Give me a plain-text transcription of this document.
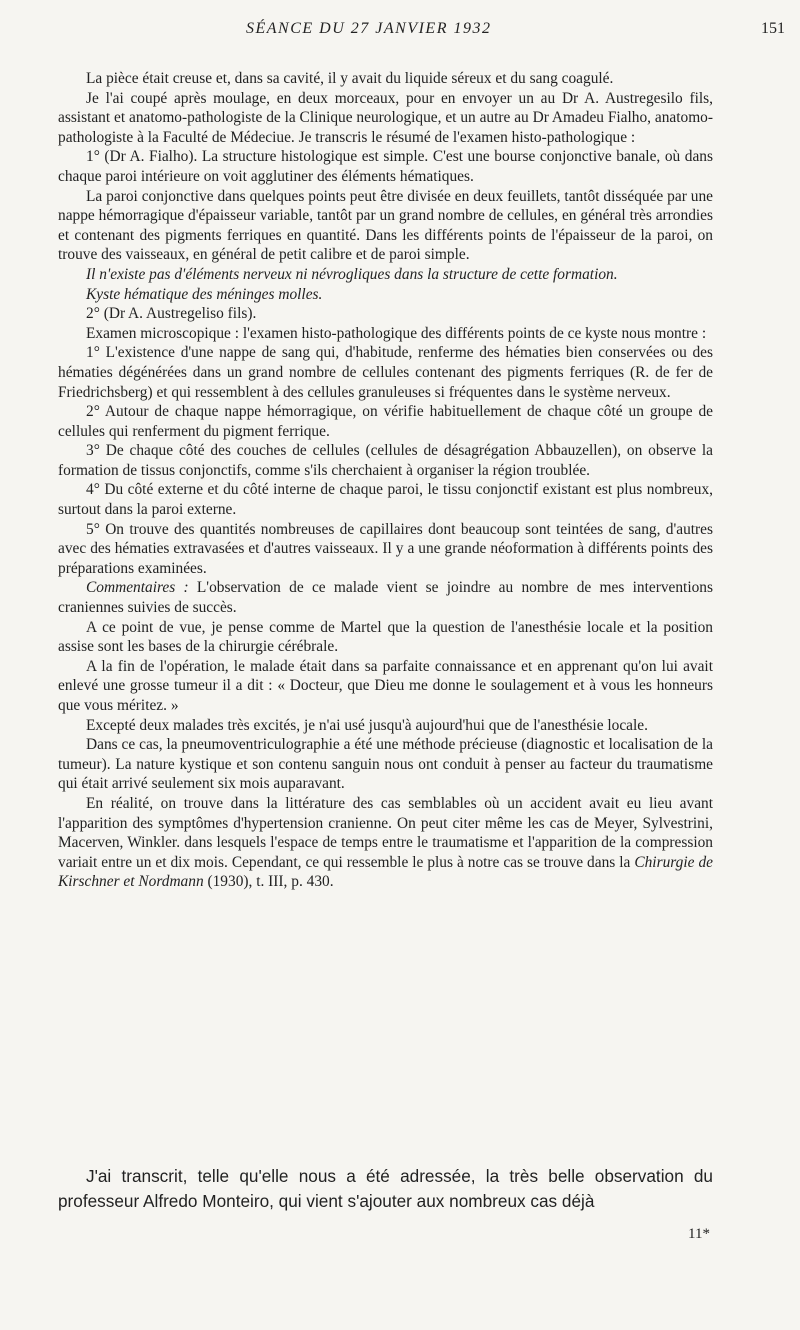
SÉANCE DU 27 JANVIER 1932	151

La pièce était creuse et, dans sa cavité, il y avait du liquide séreux et du sang coagulé.

Je l'ai coupé après moulage, en deux morceaux, pour en envoyer un au Dr A. Austregesilo fils, assistant et anatomo-pathologiste de la Clinique neurologique, et un autre au Dr Amadeu Fialho, anatomo-pathologiste à la Faculté de Médeciue. Je transcris le résumé de l'examen histo-pathologique :

1° (Dr A. Fialho). La structure histologique est simple. C'est une bourse conjonctive banale, où dans chaque paroi intérieure on voit agglutiner des éléments hématiques.

La paroi conjonctive dans quelques points peut être divisée en deux feuillets, tantôt disséquée par une nappe hémorragique d'épaisseur variable, tantôt par un grand nombre de cellules, en général très arrondies et contenant des pigments ferriques en quantité. Dans les différents points de l'épaisseur de la paroi, on trouve des vaisseaux, en général de petit calibre et de paroi simple.

Il n'existe pas d'éléments nerveux ni névrogliques dans la structure de cette formation.

Kyste hématique des méninges molles.

2° (Dr A. Austregeliso fils).

Examen microscopique : l'examen histo-pathologique des différents points de ce kyste nous montre :

1° L'existence d'une nappe de sang qui, d'habitude, renferme des hématies bien conservées ou des hématies dégénérées dans un grand nombre de cellules contenant des pigments ferriques (R. de fer de Friedrichsberg) et qui ressemblent à des cellules granuleuses si fréquentes dans le système nerveux.

2° Autour de chaque nappe hémorragique, on vérifie habituellement de chaque côté un groupe de cellules qui renferment du pigment ferrique.

3° De chaque côté des couches de cellules (cellules de désagrégation Abbauzellen), on observe la formation de tissus conjonctifs, comme s'ils cherchaient à organiser la région troublée.

4° Du côté externe et du côté interne de chaque paroi, le tissu conjonctif existant est plus nombreux, surtout dans la paroi externe.

5° On trouve des quantités nombreuses de capillaires dont beaucoup sont teintées de sang, d'autres avec des hématies extravasées et d'autres vaisseaux. Il y a une grande néoformation à différents points des préparations examinées.

Commentaires : L'observation de ce malade vient se joindre au nombre de mes interventions craniennes suivies de succès.

A ce point de vue, je pense comme de Martel que la question de l'anesthésie locale et la position assise sont les bases de la chirurgie cérébrale.

A la fin de l'opération, le malade était dans sa parfaite connaissance et en apprenant qu'on lui avait enlevé une grosse tumeur il a dit : « Docteur, que Dieu me donne le soulagement et à vous les honneurs que vous méritez. »

Excepté deux malades très excités, je n'ai usé jusqu'à aujourd'hui que de l'anesthésie locale.

Dans ce cas, la pneumoventriculographie a été une méthode précieuse (diagnostic et localisation de la tumeur). La nature kystique et son contenu sanguin nous ont conduit à penser au facteur du traumatisme qui était arrivé seulement six mois auparavant.

En réalité, on trouve dans la littérature des cas semblables où un accident avait eu lieu avant l'apparition des symptômes d'hypertension cranienne. On peut citer même les cas de Meyer, Sylvestrini, Macerven, Winkler. dans lesquels l'espace de temps entre le traumatisme et l'apparition de la compression variait entre un et dix mois. Cependant, ce qui ressemble le plus à notre cas se trouve dans la Chirurgie de Kirschner et Nordmann (1930), t. III, p. 430.

J'ai transcrit, telle qu'elle nous a été adressée, la très belle observation du professeur Alfredo Monteiro, qui vient s'ajouter aux nombreux cas déjà

11*
